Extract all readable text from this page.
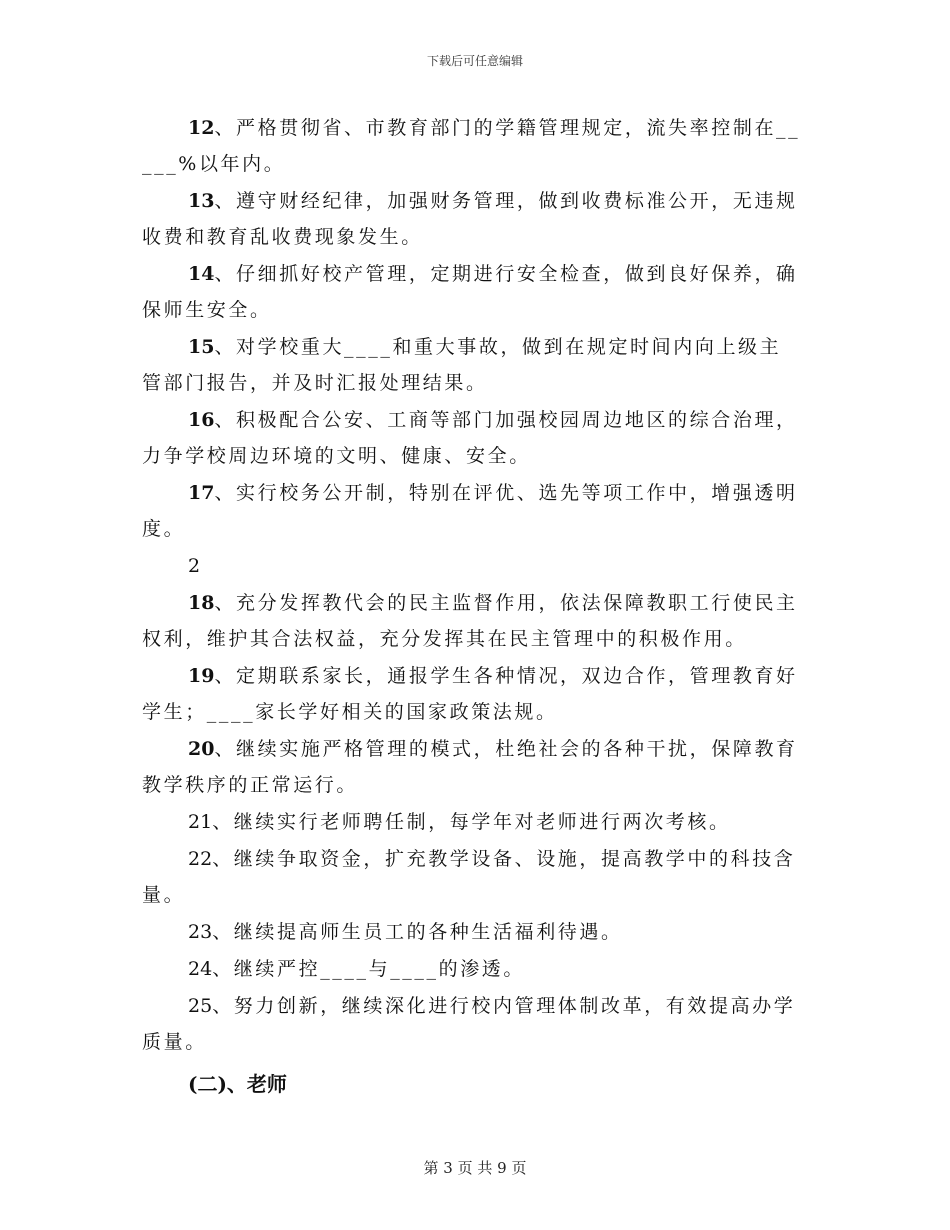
下载后可任意编辑

12、严格贯彻省、市教育部门的学籍管理规定，流失率控制在_____%以年内。

13、遵守财经纪律，加强财务管理，做到收费标准公开，无违规收费和教育乱收费现象发生。

14、仔细抓好校产管理，定期进行安全检查，做到良好保养，确保师生安全。

15、对学校重大____和重大事故，做到在规定时间内向上级主管部门报告，并及时汇报处理结果。

16、积极配合公安、工商等部门加强校园周边地区的综合治理，力争学校周边环境的文明、健康、安全。

17、实行校务公开制，特别在评优、选先等项工作中，增强透明度。

2

18、充分发挥教代会的民主监督作用，依法保障教职工行使民主权利，维护其合法权益，充分发挥其在民主管理中的积极作用。

19、定期联系家长，通报学生各种情况，双边合作，管理教育好学生；____家长学好相关的国家政策法规。

20、继续实施严格管理的模式，杜绝社会的各种干扰，保障教育教学秩序的正常运行。

21、继续实行老师聘任制，每学年对老师进行两次考核。

22、继续争取资金，扩充教学设备、设施，提高教学中的科技含量。

23、继续提高师生员工的各种生活福利待遇。

24、继续严控____与____的渗透。

25、努力创新，继续深化进行校内管理体制改革，有效提高办学质量。

(二)、老师
第 3 页 共 9 页
